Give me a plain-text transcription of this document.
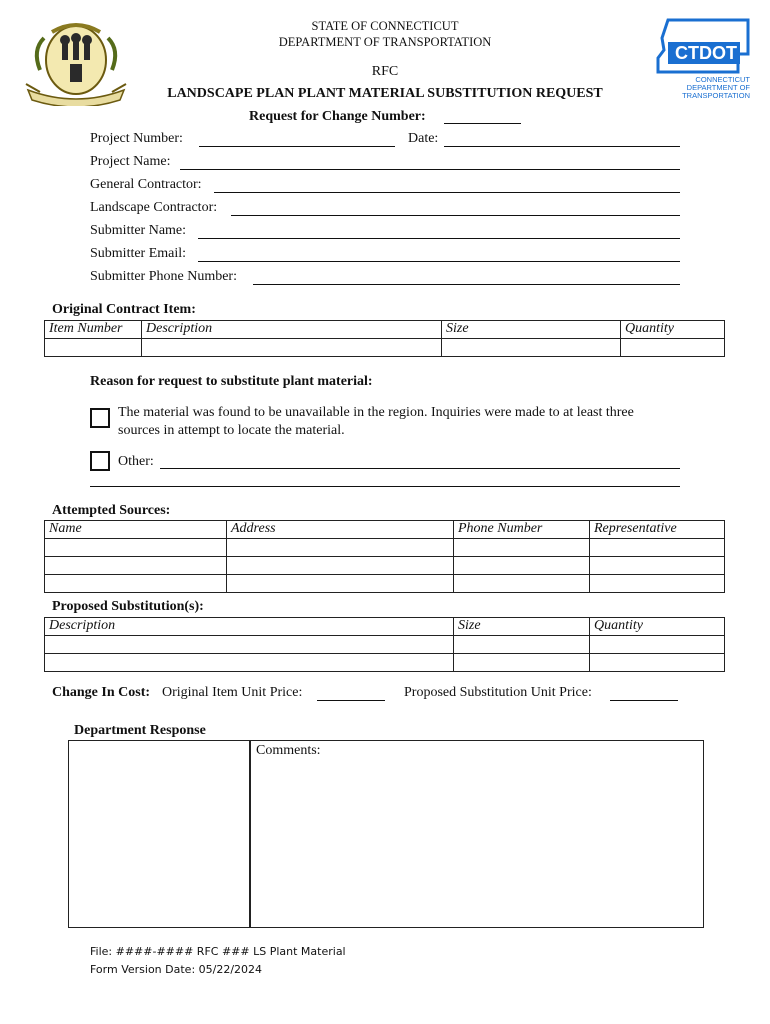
CTDOT
CONNECTICUT
DEPARTMENT OF
TRANSPORTATION
STATE OF CONNECTICUT
DEPARTMENT OF TRANSPORTATION
RFC
LANDSCAPE PLAN PLANT MATERIAL SUBSTITUTION REQUEST
Request for Change Number:
Project Number:	Date:
Project Name:
General Contractor:
Landscape Contractor:
Submitter Name:
Submitter Email:
Submitter Phone Number:
Original Contract Item:
Item Number	Description	Size	Quantity

Reason for request to substitute plant material:
The material was found to be unavailable in the region. Inquiries were made to at least three
sources in attempt to locate the material.
Other:
Attempted Sources:
Name	Address	Phone Number	Representative

Proposed Substitution(s):
Description	Size	Quantity

Change In Cost: Original Item Unit Price:	Proposed Substitution Unit Price:
Department Response
Comments:
File: ####-#### RFC ### LS Plant Material
Form Version Date: 05/22/2024
